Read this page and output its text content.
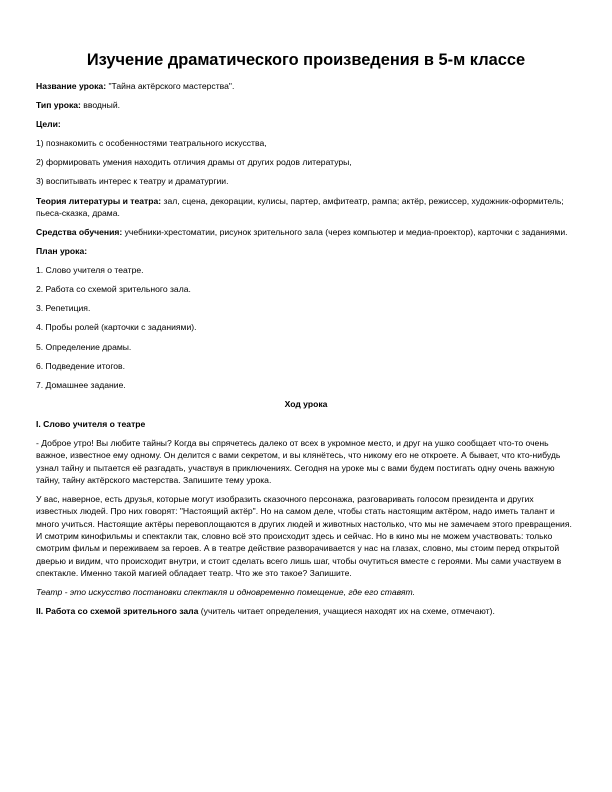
Изучение драматического произведения в 5-м классе

Название урока: "Тайна актёрского мастерства".

Тип урока: вводный.

Цели:

1) познакомить с особенностями театрального искусства,

2) формировать умения находить отличия драмы от других родов литературы,

3) воспитывать интерес к театру и драматургии.

Теория литературы и театра: зал, сцена, декорации, кулисы, партер, амфитеатр, рампа; актёр, режиссер, художник-оформитель; пьеса-сказка, драма.

Средства обучения: учебники-хрестоматии, рисунок зрительного зала (через компьютер и медиа-проектор), карточки с заданиями.

План урока:

1. Слово учителя о театре.

2. Работа со схемой зрительного зала.

3. Репетиция.

4. Пробы ролей (карточки с заданиями).

5. Определение драмы.

6. Подведение итогов.

7. Домашнее задание.

Ход урока

I. Слово учителя о театре

- Доброе утро! Вы любите тайны? Когда вы спрячетесь далеко от всех в укромное место, и друг на ушко сообщает что-то очень важное, известное ему одному. Он делится с вами секретом, и вы клянётесь, что никому его не откроете. А бывает, что кто-нибудь узнал тайну и пытается её разгадать, участвуя в приключениях. Сегодня на уроке мы с вами будем постигать одну очень важную тайну, тайну актёрского мастерства. Запишите тему урока.

У вас, наверное, есть друзья, которые могут изобразить сказочного персонажа, разговаривать голосом президента и других известных людей. Про них говорят: "Настоящий актёр". Но на самом деле, чтобы стать настоящим актёром, надо иметь талант и много учиться. Настоящие актёры перевоплощаются в других людей и животных настолько, что мы не замечаем этого превращения. И смотрим кинофильмы и спектакли так, словно всё это происходит здесь и сейчас. Но в кино мы не можем участвовать: только смотрим фильм и переживаем за героев. А в театре действие разворачивается у нас на глазах, словно, мы стоим перед открытой дверью и видим, что происходит внутри, и стоит сделать всего лишь шаг, чтобы очутиться вместе с героями. Мы сами участвуем в спектакле. Именно такой магией обладает театр. Что же это такое? Запишите.

Театр - это искусство постановки спектакля и одновременно помещение, где его ставят.

II. Работа со схемой зрительного зала (учитель читает определения, учащиеся находят их на схеме, отмечают).
